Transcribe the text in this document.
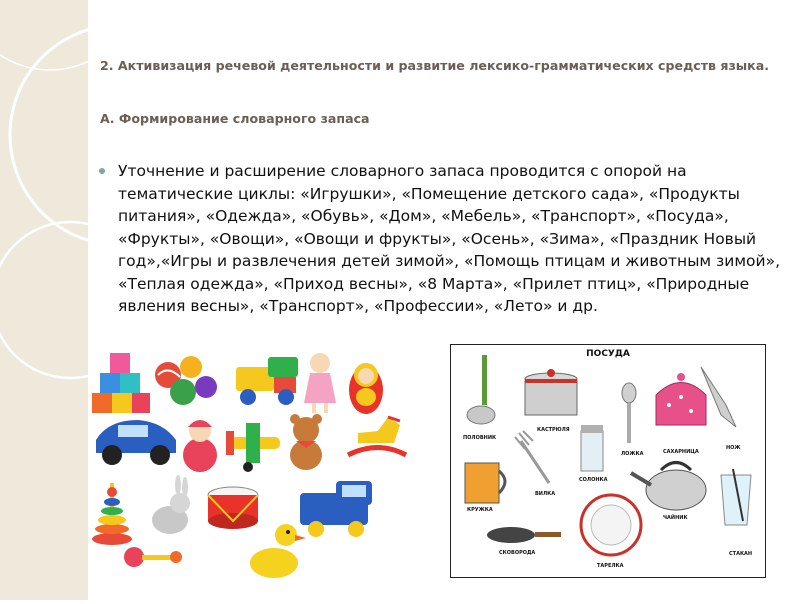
2. Активизация речевой деятельности и развитие лексико-грамматических средств языка.
А. Формирование словарного запаса
Уточнение и расширение словарного запаса проводится с опорой на тематические циклы: «Игрушки», «Помещение детского сада», «Продукты питания», «Одежда», «Обувь», «Дом», «Мебель», «Транспорт», «Посуда», «Фрукты», «Овощи», «Овощи и фрукты», «Осень», «Зима», «Праздник Новый год»,«Игры и развлечения детей зимой», «Помощь птицам и животным зимой», «Теплая одежда», «Приход весны», «8 Марта», «Прилет птиц», «Природные явления весны», «Транспорт», «Профессии», «Лето» и др.
ПОСУДА
ПОЛОВНИК
КАСТРЮЛЯ
ЛОЖКА	САХАРНИЦА
НОЖ
ВИЛКА
СОЛОНКА
КРУЖКА
ЧАЙНИК
СТАКАН
СКОВОРОДА
ТАРЕЛКА
